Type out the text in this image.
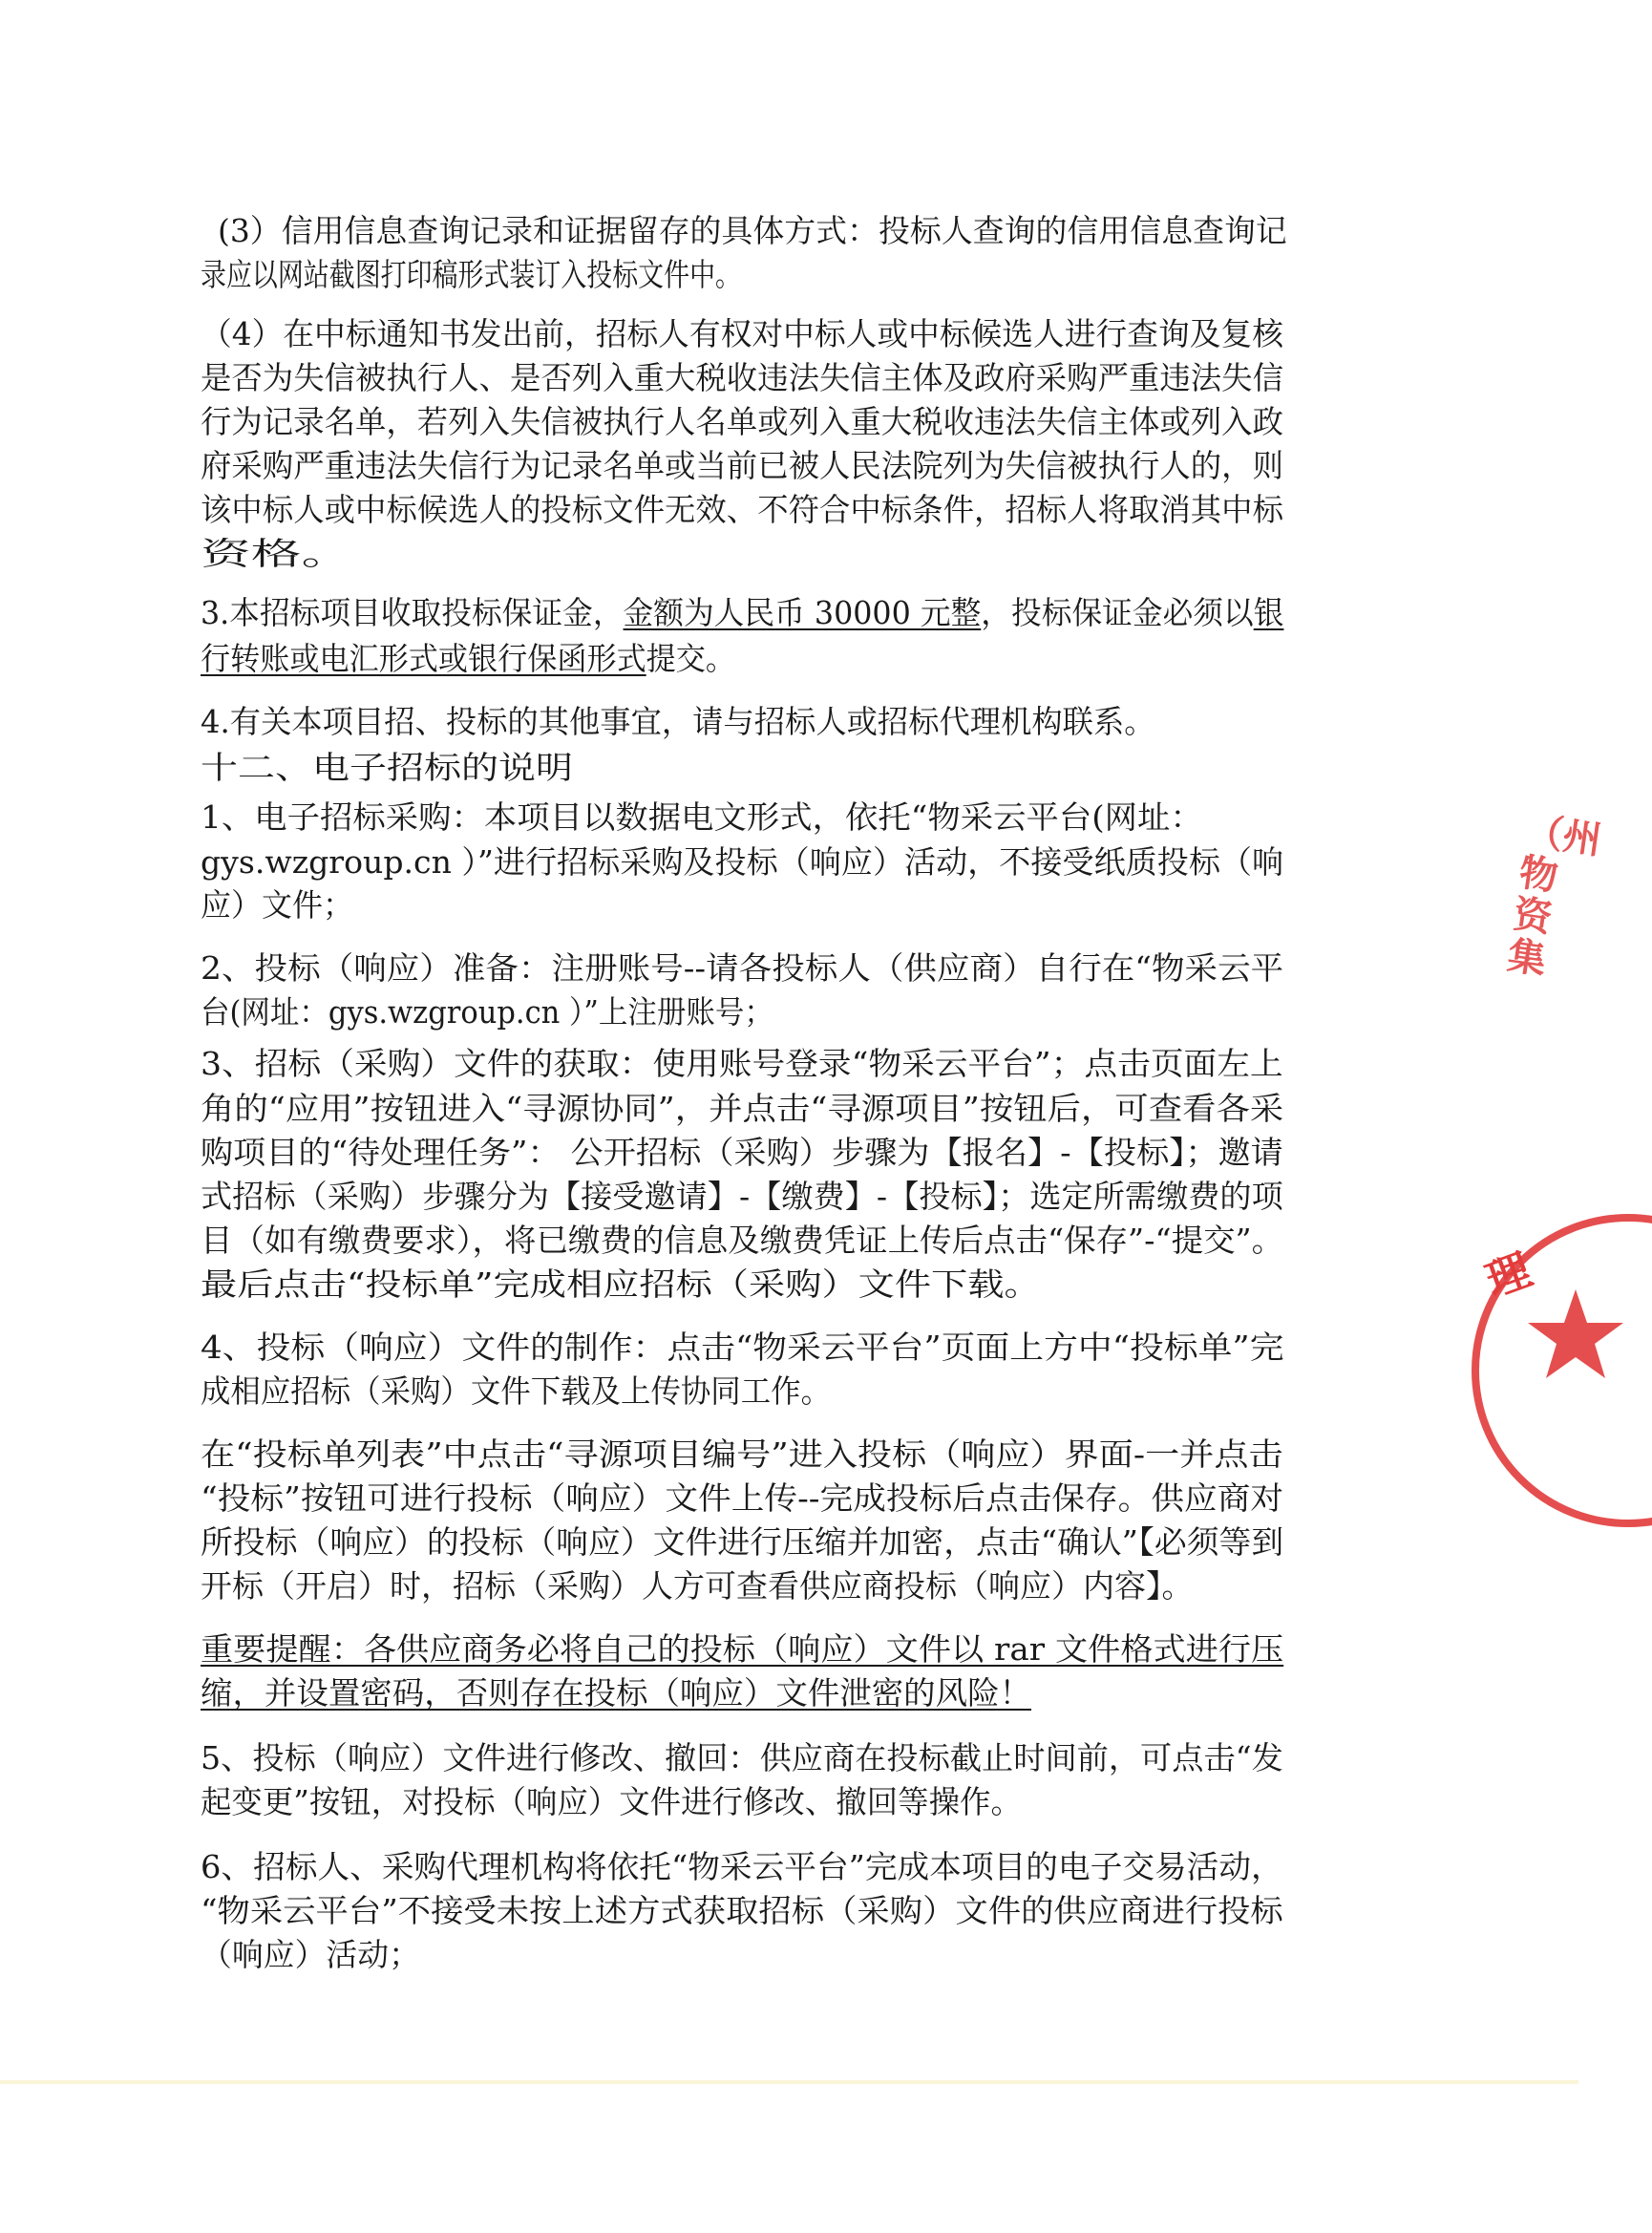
(3）信用信息查询记录和证据留存的具体方式：投标人查询的信用信息查询记
录应以网站截图打印稿形式装订入投标文件中。
（4）在中标通知书发出前，招标人有权对中标人或中标候选人进行查询及复核
是否为失信被执行人、是否列入重大税收违法失信主体及政府采购严重违法失信
行为记录名单，若列入失信被执行人名单或列入重大税收违法失信主体或列入政
府采购严重违法失信行为记录名单或当前已被人民法院列为失信被执行人的，则
该中标人或中标候选人的投标文件无效、不符合中标条件，招标人将取消其中标
资格。
3.本招标项目收取投标保证金，金额为人民币 30000 元整，投标保证金必须以银
行转账或电汇形式或银行保函形式提交。
4.有关本项目招、投标的其他事宜，请与招标人或招标代理机构联系。
十二、电子招标的说明
1、电子招标采购：本项目以数据电文形式，依托“物采云平台(网址：
gys.wzgroup.cn ）”进行招标采购及投标（响应）活动，不接受纸质投标（响
应）文件；
2、投标（响应）准备：注册账号--请各投标人（供应商）自行在“物采云平
台(网址：gys.wzgroup.cn ）”上注册账号；
3、招标（采购）文件的获取：使用账号登录“物采云平台”；点击页面左上
角的“应用”按钮进入“寻源协同”，并点击“寻源项目”按钮后，可查看各采
购项目的“待处理任务”： 公开招标（采购）步骤为【报名】-【投标】；邀请
式招标（采购）步骤分为【接受邀请】-【缴费】-【投标】；选定所需缴费的项
目（如有缴费要求），将已缴费的信息及缴费凭证上传后点击“保存”-“提交”。
最后点击“投标单”完成相应招标（采购）文件下载。
4、投标（响应）文件的制作：点击“物采云平台”页面上方中“投标单”完
成相应招标（采购）文件下载及上传协同工作。
在“投标单列表”中点击“寻源项目编号”进入投标（响应）界面-一并点击
“投标”按钮可进行投标（响应）文件上传--完成投标后点击保存。供应商对
所投标（响应）的投标（响应）文件进行压缩并加密，点击“确认”【必须等到
开标（开启）时，招标（采购）人方可查看供应商投标（响应）内容】。
重要提醒：各供应商务必将自己的投标（响应）文件以 rar 文件格式进行压
缩，并设置密码，否则存在投标（响应）文件泄密的风险！
5、投标（响应）文件进行修改、撤回：供应商在投标截止时间前，可点击“发
起变更”按钮，对投标（响应）文件进行修改、撤回等操作。
6、招标人、采购代理机构将依托“物采云平台”完成本项目的电子交易活动，
“物采云平台”不接受未按上述方式获取招标（采购）文件的供应商进行投标
（响应）活动；
（州物资集
理
